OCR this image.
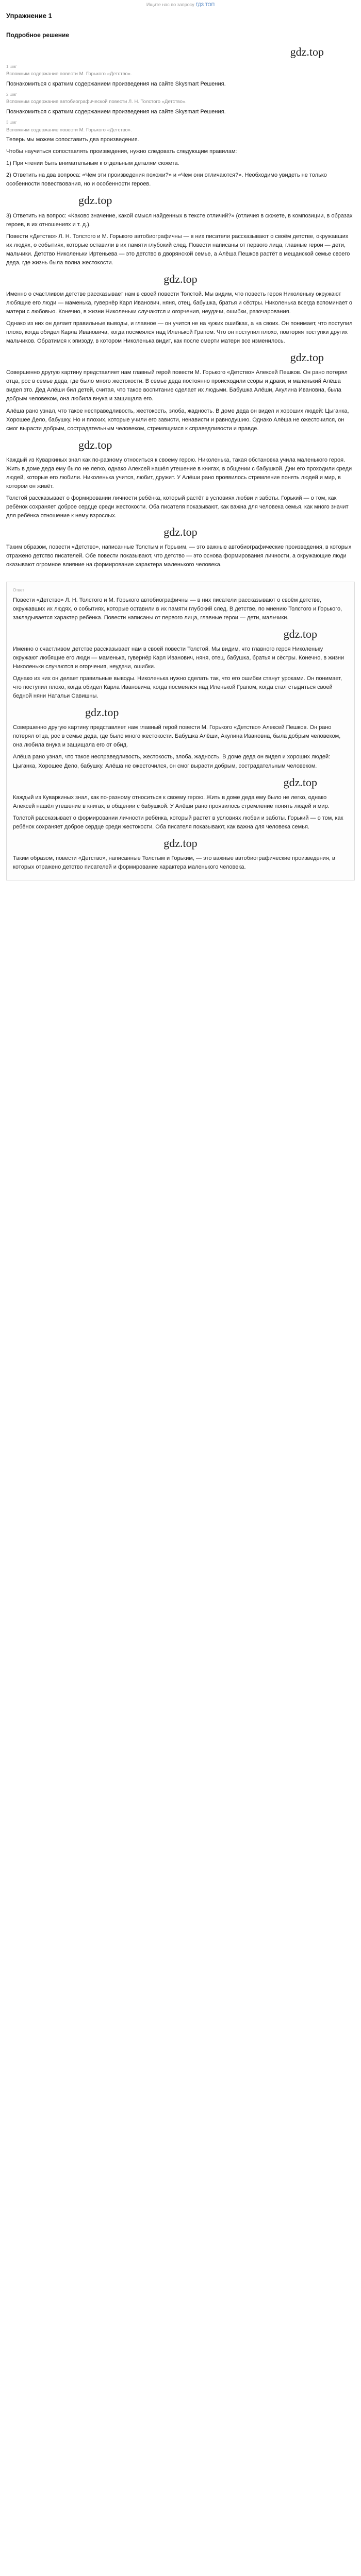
Ищите нас по запросу ГДЗ ТОП
Упражнение 1
Подробное решение
gdz.top
1 шаг
Вспомним содержание повести М. Горького «Детство».
Познакомиться с кратким содержанием произведения на сайте Skysmart Решения.
2 шаг
Вспомним содержание автобиографической повести Л. Н. Толстого «Детство».
Познакомиться с кратким содержанием произведения на сайте Skysmart Решения.
3 шаг
Вспомним содержание повести М. Горького «Детство».
Теперь мы можем сопоставить два произведения.
Чтобы научиться сопоставлять произведения, нужно следовать следующим правилам:
1) При чтении быть внимательным к отдельным деталям сюжета.
2) Ответить на два вопроса: «Чем эти произведения похожи?» и «Чем они отличаются?». Необходимо увидеть не только особенности повествования, но и особенности героев.
gdz.top
3) Ответить на вопрос: «Каково значение, какой смысл найденных в тексте отличий?» (отличия в сюжете, в композиции, в образах героев, в их отношениях и т. д.).
Повести «Детство» Л. Н. Толстого и М. Горького автобиографичны — в них писатели рассказывают о своём детстве, окружавших их людях, о событиях, которые оставили в их памяти глубокий след. Повести написаны от первого лица, главные герои — дети, мальчики. Детство Николеньки Иртеньева — это детство в дворянской семье, а Алёша Пешков растёт в мещанской семье своего деда, где жизнь была полна жестокости.
gdz.top
Именно о счастливом детстве рассказывает нам в своей повести Толстой. Мы видим, что повесть героя Николеньку окружают любящие его люди — маменька, гувернёр Карл Иванович, няня, отец, бабушка, братья и сёстры. Николенька всегда вспоминает о матери с любовью. Конечно, в жизни Николеньки случаются и огорчения, неудачи, ошибки, разочарования.
Однако из них он делает правильные выводы, и главное — он учится не на чужих ошибках, а на своих. Он понимает, что поступил плохо, когда обидел Карла Ивановича, когда посмеялся над Иленькой Грапом. Что он поступил плохо, повторяя поступки других мальчиков. Обратимся к эпизоду, в котором Николенька видит, как после смерти матери все изменилось.
gdz.top
Совершенно другую картину представляет нам главный герой повести М. Горького «Детство» Алексей Пешков. Он рано потерял отца, рос в семье деда, где было много жестокости. В семье деда постоянно происходили ссоры и драки, и маленький Алёша видел это. Дед Алёши бил детей, считая, что такое воспитание сделает их людьми. Бабушка Алёши, Акулина Ивановна, была добрым человеком, она любила внука и защищала его.
Алёша рано узнал, что такое несправедливость, жестокость, злоба, жадность. В доме деда он видел и хороших людей: Цыганка, Хорошее Дело, бабушку. Но и плохих, которые учили его зависти, ненависти и равнодушию. Однако Алёша не ожесточился, он смог вырасти добрым, сострадательным человеком, стремящимся к справедливости и правде.
gdz.top
Каждый из Куваркиных знал как по-разному относиться к своему герою. Николенька, такая обстановка учила маленького героя. Жить в доме деда ему было не легко, однако Алексей нашёл утешение в книгах, в общении с бабушкой. Дни его проходили среди людей, которые его любили. Николенька учится, любит, дружит. У Алёши рано проявилось стремление понять людей и мир, в котором он живёт.
Толстой рассказывает о формировании личности ребёнка, который растёт в условиях любви и заботы. Горький — о том, как ребёнок сохраняет доброе сердце среди жестокости. Оба писателя показывают, как важна для человека семья, как много значит для ребёнка отношение к нему взрослых.
gdz.top
Таким образом, повести «Детство», написанные Толстым и Горьким, — это важные автобиографические произведения, в которых отражено детство писателей. Обе повести показывают, что детство — это основа формирования личности, а окружающие люди оказывают огромное влияние на формирование характера маленького человека.
Ответ
Повести «Детство» Л. Н. Толстого и М. Горького автобиографичны — в них писатели рассказывают о своём детстве, окружавших их людях, о событиях, которые оставили в их памяти глубокий след. В детстве, по мнению Толстого и Горького, закладывается характер ребёнка. Повести написаны от первого лица, главные герои — дети, мальчики.
gdz.top
Именно о счастливом детстве рассказывает нам в своей повести Толстой. Мы видим, что главного героя Николеньку окружают любящие его люди — маменька, гувернёр Карл Иванович, няня, отец, бабушка, братья и сёстры. Конечно, в жизни Николеньки случаются и огорчения, неудачи, ошибки.
Однако из них он делает правильные выводы. Николенька нужно сделать так, что его ошибки станут уроками. Он понимает, что поступил плохо, когда обидел Карла Ивановича, когда посмеялся над Иленькой Грапом, когда стал стыдиться своей бедной няни Натальи Савишны.
gdz.top
Совершенно другую картину представляет нам главный герой повести М. Горького «Детство» Алексей Пешков. Он рано потерял отца, рос в семье деда, где было много жестокости. Бабушка Алёши, Акулина Ивановна, была добрым человеком, она любила внука и защищала его от обид.
Алёша рано узнал, что такое несправедливость, жестокость, злоба, жадность. В доме деда он видел и хороших людей: Цыганка, Хорошее Дело, бабушку. Алёша не ожесточился, он смог вырасти добрым, сострадательным человеком.
gdz.top
Каждый из Куваркиных знал, как по-разному относиться к своему герою. Жить в доме деда ему было не легко, однако Алексей нашёл утешение в книгах, в общении с бабушкой. У Алёши рано проявилось стремление понять людей и мир.
Толстой рассказывает о формировании личности ребёнка, который растёт в условиях любви и заботы. Горький — о том, как ребёнок сохраняет доброе сердце среди жестокости. Оба писателя показывают, как важна для человека семья.
gdz.top
Таким образом, повести «Детство», написанные Толстым и Горьким, — это важные автобиографические произведения, в которых отражено детство писателей и формирование характера маленького человека.
